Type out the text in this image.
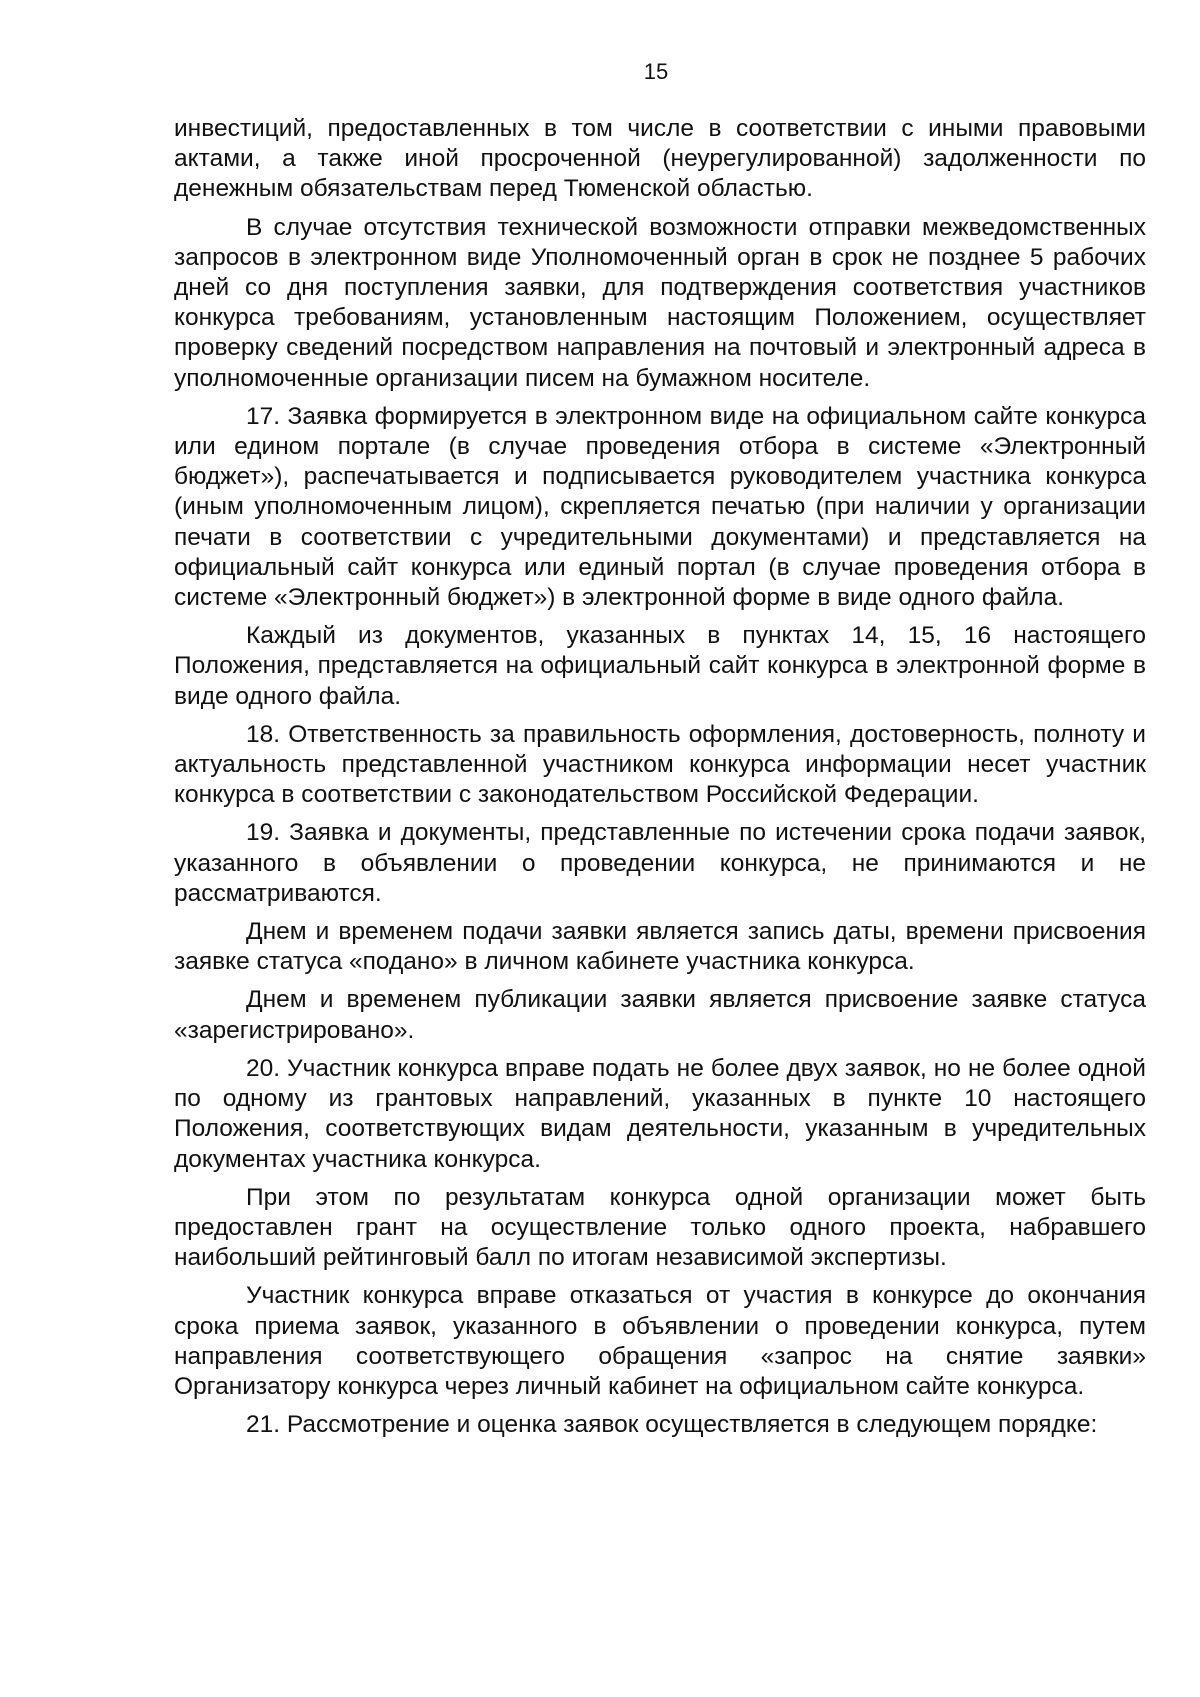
15

инвестиций, предоставленных в том числе в соответствии с иными правовыми актами, а также иной просроченной (неурегулированной) задолженности по денежным обязательствам перед Тюменской областью.

В случае отсутствия технической возможности отправки межведомственных запросов в электронном виде Уполномоченный орган в срок не позднее 5 рабочих дней со дня поступления заявки, для подтверждения соответствия участников конкурса требованиям, установленным настоящим Положением, осуществляет проверку сведений посредством направления на почтовый и электронный адреса в уполномоченные организации писем на бумажном носителе.

17. Заявка формируется в электронном виде на официальном сайте конкурса или едином портале (в случае проведения отбора в системе «Электронный бюджет»), распечатывается и подписывается руководителем участника конкурса (иным уполномоченным лицом), скрепляется печатью (при наличии у организации печати в соответствии с учредительными документами) и представляется на официальный сайт конкурса или единый портал (в случае проведения отбора в системе «Электронный бюджет») в электронной форме в виде одного файла.

Каждый из документов, указанных в пунктах 14, 15, 16 настоящего Положения, представляется на официальный сайт конкурса в электронной форме в виде одного файла.

18. Ответственность за правильность оформления, достоверность, полноту и актуальность представленной участником конкурса информации несет участник конкурса в соответствии с законодательством Российской Федерации.

19. Заявка и документы, представленные по истечении срока подачи заявок, указанного в объявлении о проведении конкурса, не принимаются и не рассматриваются.

Днем и временем подачи заявки является запись даты, времени присвоения заявке статуса «подано» в личном кабинете участника конкурса.

Днем и временем публикации заявки является присвоение заявке статуса «зарегистрировано».

20. Участник конкурса вправе подать не более двух заявок, но не более одной по одному из грантовых направлений, указанных в пункте 10 настоящего Положения, соответствующих видам деятельности, указанным в учредительных документах участника конкурса.

При этом по результатам конкурса одной организации может быть предоставлен грант на осуществление только одного проекта, набравшего наибольший рейтинговый балл по итогам независимой экспертизы.

Участник конкурса вправе отказаться от участия в конкурсе до окончания срока приема заявок, указанного в объявлении о проведении конкурса, путем направления соответствующего обращения «запрос на снятие заявки» Организатору конкурса через личный кабинет на официальном сайте конкурса.

21. Рассмотрение и оценка заявок осуществляется в следующем порядке:
